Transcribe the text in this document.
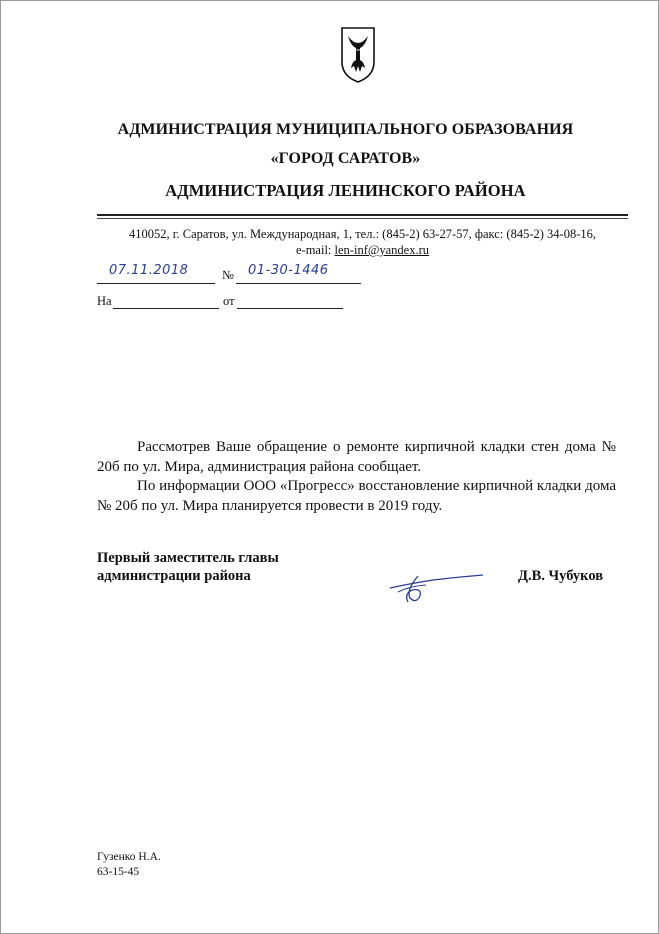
АДМИНИСТРАЦИЯ МУНИЦИПАЛЬНОГО ОБРАЗОВАНИЯ
«ГОРОД САРАТОВ»
АДМИНИСТРАЦИЯ ЛЕНИНСКОГО РАЙОНА
410052, г. Саратов, ул. Международная, 1, тел.: (845-2) 63-27-57, факс: (845-2) 34-08-16,
e-mail: len-inf@yandex.ru
07.11.2018	№ 01-30-1446
На	от
Рассмотрев Ваше обращение о ремонте кирпичной кладки стен дома № 20б по ул. Мира, администрация района сообщает.
По информации ООО «Прогресс» восстановление кирпичной кладки дома № 20б по ул. Мира планируется провести в 2019 году.
Первый заместитель главы
администрации района	Д.В. Чубуков
Гузенко Н.А.
63-15-45
